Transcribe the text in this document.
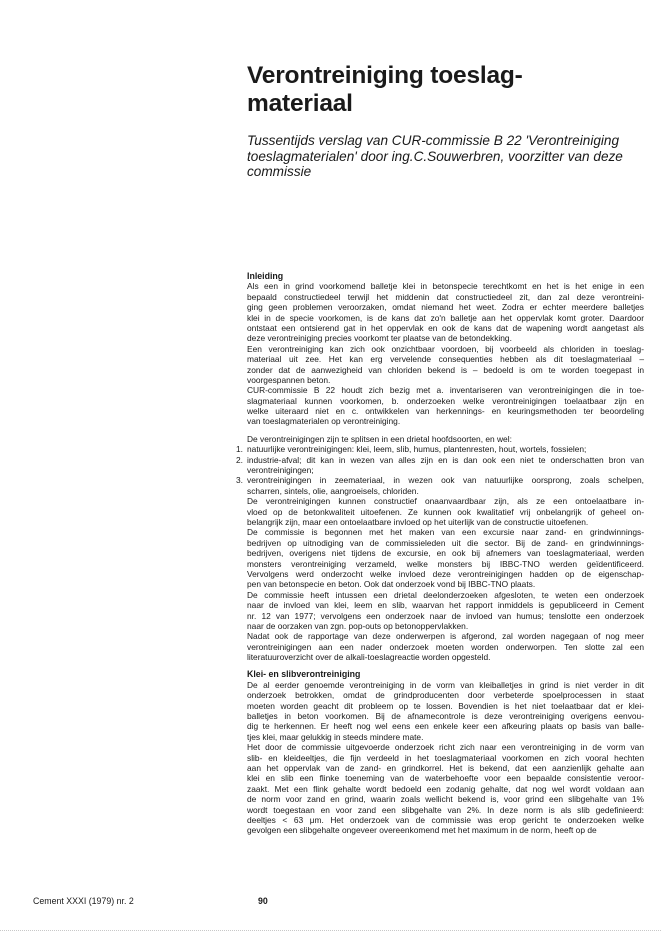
Verontreiniging toeslag-
materiaal

Tussentijds verslag van CUR-commissie B 22 'Verontreiniging
toeslagmaterialen' door ing.C.Souwerbren, voorzitter van deze
commissie

Inleiding
Als een in grind voorkomend balletje klei in betonspecie terechtkomt en het is het enige in een
bepaald constructiedeel terwijl het middenin dat constructiedeel zit, dan zal deze verontreini-
ging geen problemen veroorzaken, omdat niemand het weet. Zodra er echter meerdere balletjes
klei in de specie voorkomen, is de kans dat zo'n balletje aan het oppervlak komt groter. Daardoor
ontstaat een ontsierend gat in het oppervlak en ook de kans dat de wapening wordt aangetast als
deze verontreiniging precies voorkomt ter plaatse van de betondekking.
Een verontreiniging kan zich ook onzichtbaar voordoen, bij voorbeeld als chloriden in toeslag-
materiaal uit zee. Het kan erg vervelende consequenties hebben als dit toeslagmateriaal –
zonder dat de aanwezigheid van chloriden bekend is – bedoeld is om te worden toegepast in
voorgespannen beton.
CUR-commissie B 22 houdt zich bezig met a. inventariseren van verontreinigingen die in toe-
slagmateriaal kunnen voorkomen, b. onderzoeken welke verontreinigingen toelaatbaar zijn en
welke uiteraard niet en c. ontwikkelen van herkennings- en keuringsmethoden ter beoordeling
van toeslagmaterialen op verontreiniging.
De verontreinigingen zijn te splitsen in een drietal hoofdsoorten, en wel:
1. natuurlijke verontreinigingen: klei, leem, slib, humus, plantenresten, hout, wortels, fossielen;
2. industrie-afval; dit kan in wezen van alles zijn en is dan ook een niet te onderschatten bron van
verontreinigingen;
3. verontreinigingen in zeemateriaal, in wezen ook van natuurlijke oorsprong, zoals schelpen,
scharren, sintels, olie, aangroeisels, chloriden.
De verontreinigingen kunnen constructief onaanvaardbaar zijn, als ze een ontoelaatbare in-
vloed op de betonkwaliteit uitoefenen. Ze kunnen ook kwalitatief vrij onbelangrijk of geheel on-
belangrijk zijn, maar een ontoelaatbare invloed op het uiterlijk van de constructie uitoefenen.
De commissie is begonnen met het maken van een excursie naar zand- en grindwinnings-
bedrijven op uitnodiging van de commissieleden uit die sector. Bij de zand- en grindwinnings-
bedrijven, overigens niet tijdens de excursie, en ook bij afnemers van toeslagmateriaal, werden
monsters verontreiniging verzameld, welke monsters bij IBBC-TNO werden geïdentificeerd.
Vervolgens werd onderzocht welke invloed deze verontreinigingen hadden op de eigenschap-
pen van betonspecie en beton. Ook dat onderzoek vond bij IBBC-TNO plaats.
De commissie heeft intussen een drietal deelonderzoeken afgesloten, te weten een onderzoek
naar de invloed van klei, leem en slib, waarvan het rapport inmiddels is gepubliceerd in Cement
nr. 12 van 1977; vervolgens een onderzoek naar de invloed van humus; tenslotte een onderzoek
naar de oorzaken van zgn. pop-outs op betonoppervlakken.
Nadat ook de rapportage van deze onderwerpen is afgerond, zal worden nagegaan of nog meer
verontreinigingen aan een nader onderzoek moeten worden onderworpen. Ten slotte zal een
literatuuroverzicht over de alkali-toeslagreactie worden opgesteld.
Klei- en slibverontreiniging
De al eerder genoemde verontreiniging in de vorm van kleiballetjes in grind is niet verder in dit
onderzoek betrokken, omdat de grindproducenten door verbeterde spoelprocessen in staat
moeten worden geacht dit probleem op te lossen. Bovendien is het niet toelaatbaar dat er klei-
balletjes in beton voorkomen. Bij de afnamecontrole is deze verontreiniging overigens eenvou-
dig te herkennen. Er heeft nog wel eens een enkele keer een afkeuring plaats op basis van balle-
tjes klei, maar gelukkig in steeds mindere mate.
Het door de commissie uitgevoerde onderzoek richt zich naar een verontreiniging in de vorm van
slib- en kleideeltjes, die fijn verdeeld in het toeslagmateriaal voorkomen en zich vooral hechten
aan het oppervlak van de zand- en grindkorrel. Het is bekend, dat een aanzienlijk gehalte aan
klei en slib een flinke toeneming van de waterbehoefte voor een bepaalde consistentie veroor-
zaakt. Met een flink gehalte wordt bedoeld een zodanig gehalte, dat nog wel wordt voldaan aan
de norm voor zand en grind, waarin zoals wellicht bekend is, voor grind een slibgehalte van 1%
wordt toegestaan en voor zand een slibgehalte van 2%. In deze norm is als slib gedefinieerd:
deeltjes < 63 μm. Het onderzoek van de commissie was erop gericht te onderzoeken welke
gevolgen een slibgehalte ongeveer overeenkomend met het maximum in de norm, heeft op de
Cement XXXI (1979) nr. 2	90
